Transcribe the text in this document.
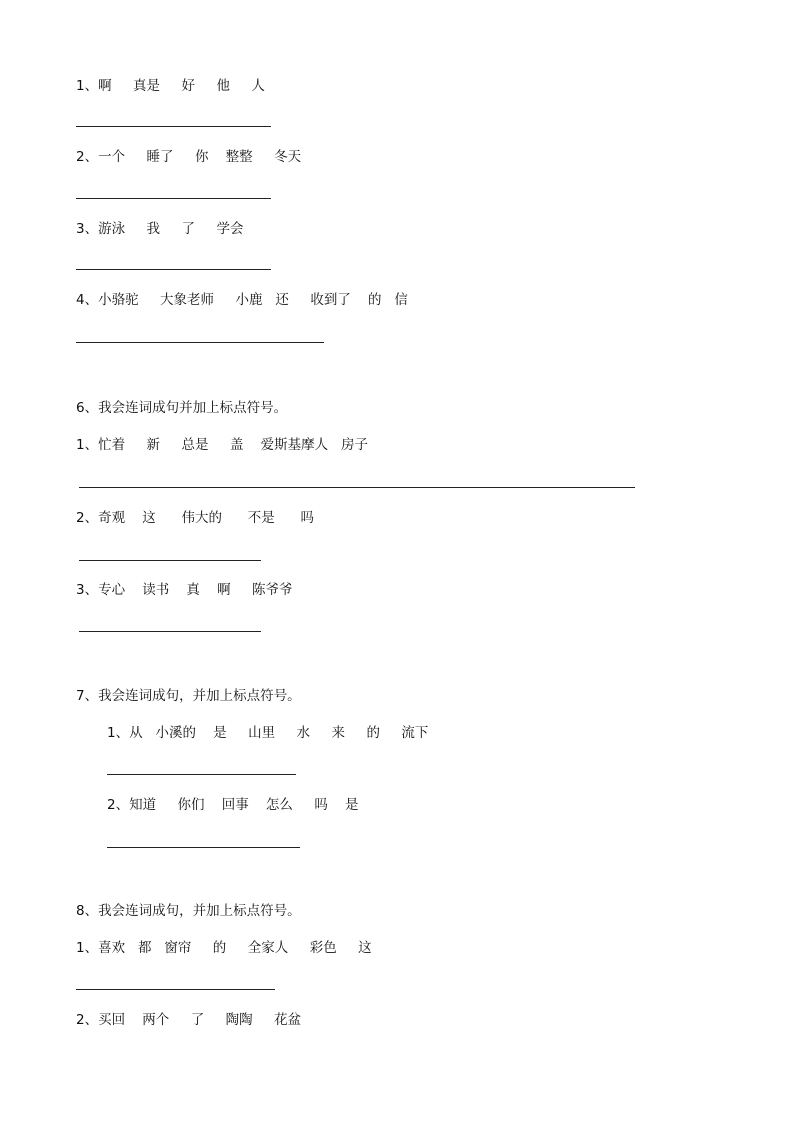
1、啊     真是     好     他     人
2、一个     睡了     你    整整     冬天
3、游泳     我     了     学会
4、小骆驼     大象老师     小鹿   还     收到了    的   信
6、我会连词成句并加上标点符号。
1、忙着     新     总是     盖    爱斯基摩人   房子
2、奇观    这      伟大的      不是      吗
3、专心    读书    真    啊     陈爷爷
7、我会连词成句，并加上标点符号。
1、从   小溪的    是     山里     水     来     的     流下
2、知道     你们    回事    怎么     吗    是
8、我会连词成句，并加上标点符号。
1、喜欢   都   窗帘     的     全家人     彩色     这
2、买回    两个     了     陶陶     花盆
